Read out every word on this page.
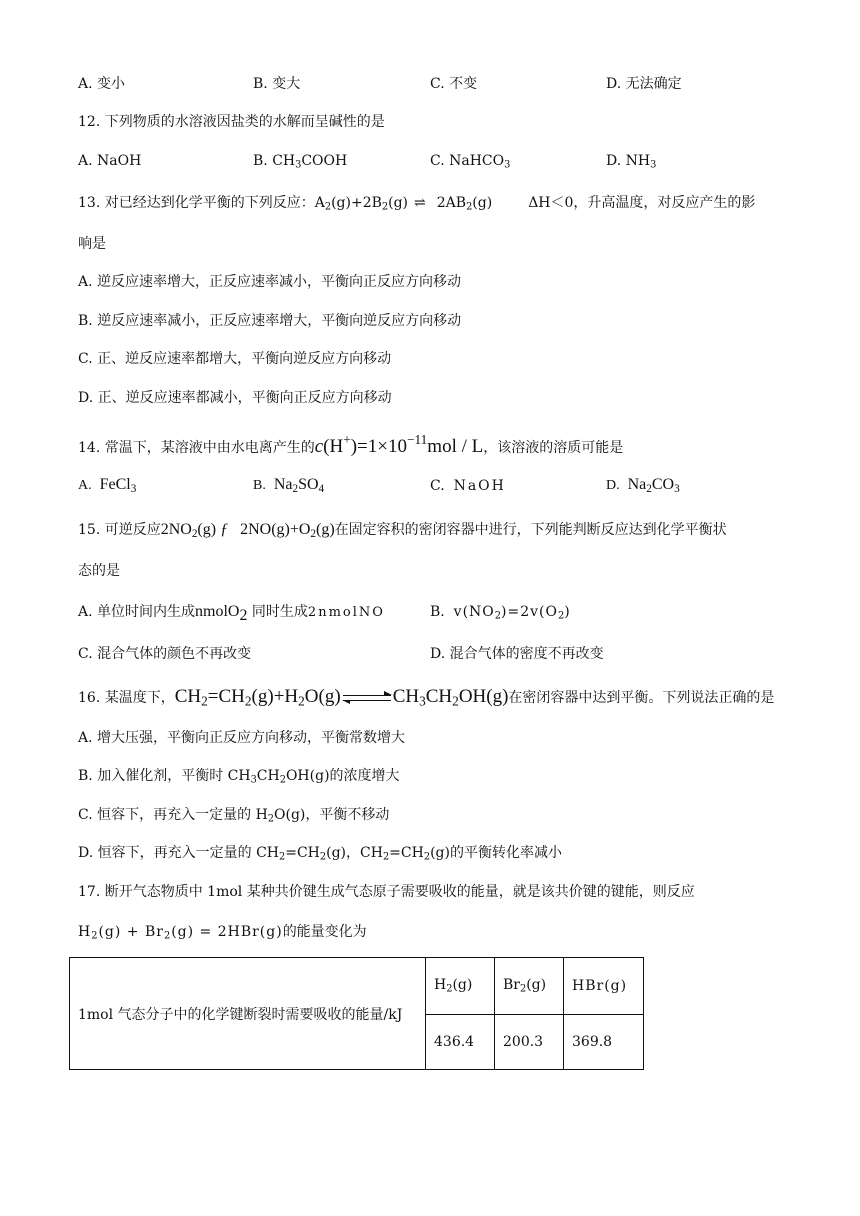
A. 变小	B. 变大	C. 不变	D. 无法确定
12. 下列物质的水溶液因盐类的水解而呈碱性的是
A. NaOH	B. $CH_3COOH$	C. NaHCO$_3$	D. $NH_3$
13. 对已经达到化学平衡的下列反应：$A_2(g)+2B_2(g)$ ⇌ $2AB_2(g)$	ΔH＜0，升高温度，对反应产生的影
响是
A. 逆反应速率增大，正反应速率减小，平衡向正反应方向移动
B. 逆反应速率减小，正反应速率增大，平衡向逆反应方向移动
C. 正、逆反应速率都增大，平衡向逆反应方向移动
D. 正、逆反应速率都减小，平衡向正反应方向移动
14. 常温下，某溶液中由水电离产生的$c(H^+)=1\times 10^{-11}mol / L$，该溶液的溶质可能是
A. FeCl$_3$	B. $Na_2SO_4$	C. NaOH	D. $Na_2CO_3$
15. 可逆反应$2NO_2(g)$ ƒ $2NO(g)+O_2(g)$在固定容积的密闭容器中进行，下列能判断反应达到化学平衡状
态的是
A. 单位时间内生成nmolO$_2$ 同时生成2nmolNO	B. $v(NO_2)=2v(O_2)$
C. 混合气体的颜色不再改变	D. 混合气体的密度不再改变
16. 某温度下，$CH_2=CH_2(g)+H_2O(g)$ ⇌ $CH_3CH_2OH(g)$在密闭容器中达到平衡。下列说法正确的是
A. 增大压强，平衡向正反应方向移动，平衡常数增大
B. 加入催化剂，平衡时 $CH_3CH_2OH(g)$的浓度增大
C. 恒容下，再充入一定量的 $H_2O(g)$，平衡不移动
D. 恒容下，再充入一定量的 $CH_2=CH_2(g)$，$CH_2=CH_2(g)$的平衡转化率减小
17. 断开气态物质中 1mol 某种共价键生成气态原子需要吸收的能量，就是该共价键的键能，则反应
$H_2(g) + Br_2(g) = 2HBr(g)$的能量变化为
1mol 气态分子中的化学键断裂时需要吸收的能量/kJ	$H_2(g)$	$Br_2(g)$	HBr(g)
	436.4	200.3	369.8
